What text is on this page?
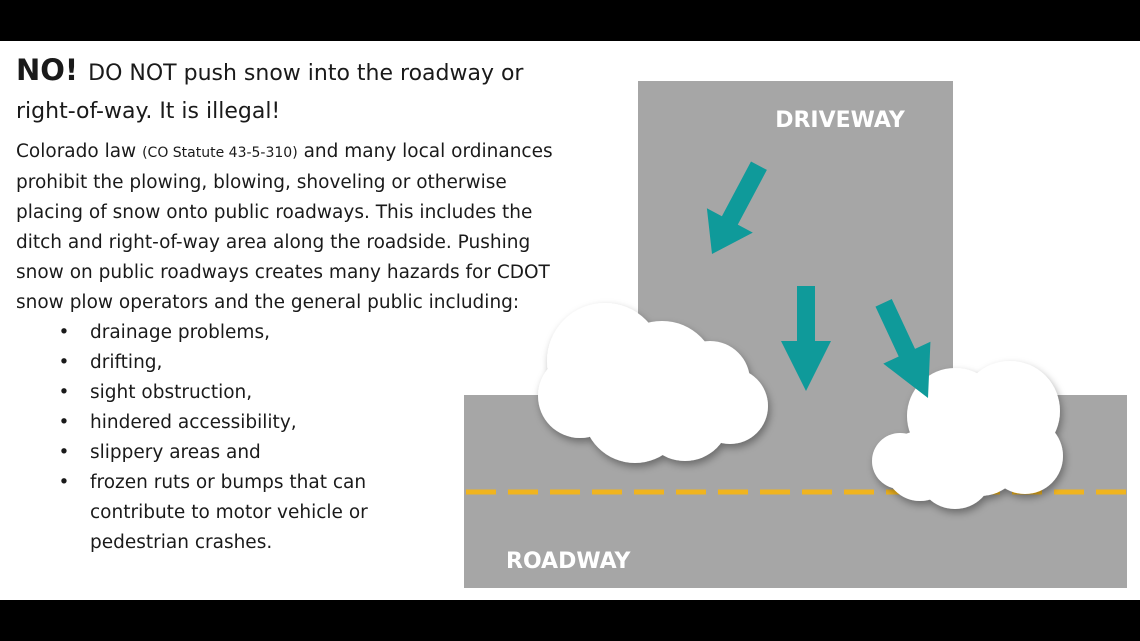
NO! DO NOT push snow into the roadway or right-of-way. It is illegal!

Colorado law (CO Statute 43-5-310) and many local ordinances prohibit the plowing, blowing, shoveling or otherwise placing of snow onto public roadways. This includes the ditch and right-of-way area along the roadside. Pushing snow on public roadways creates many hazards for CDOT snow plow operators and the general public including:

• drainage problems,
• drifting,
• sight obstruction,
• hindered accessibility,
• slippery areas and
• frozen ruts or bumps that can contribute to motor vehicle or pedestrian crashes.
DRIVEWAY
ROADWAY
